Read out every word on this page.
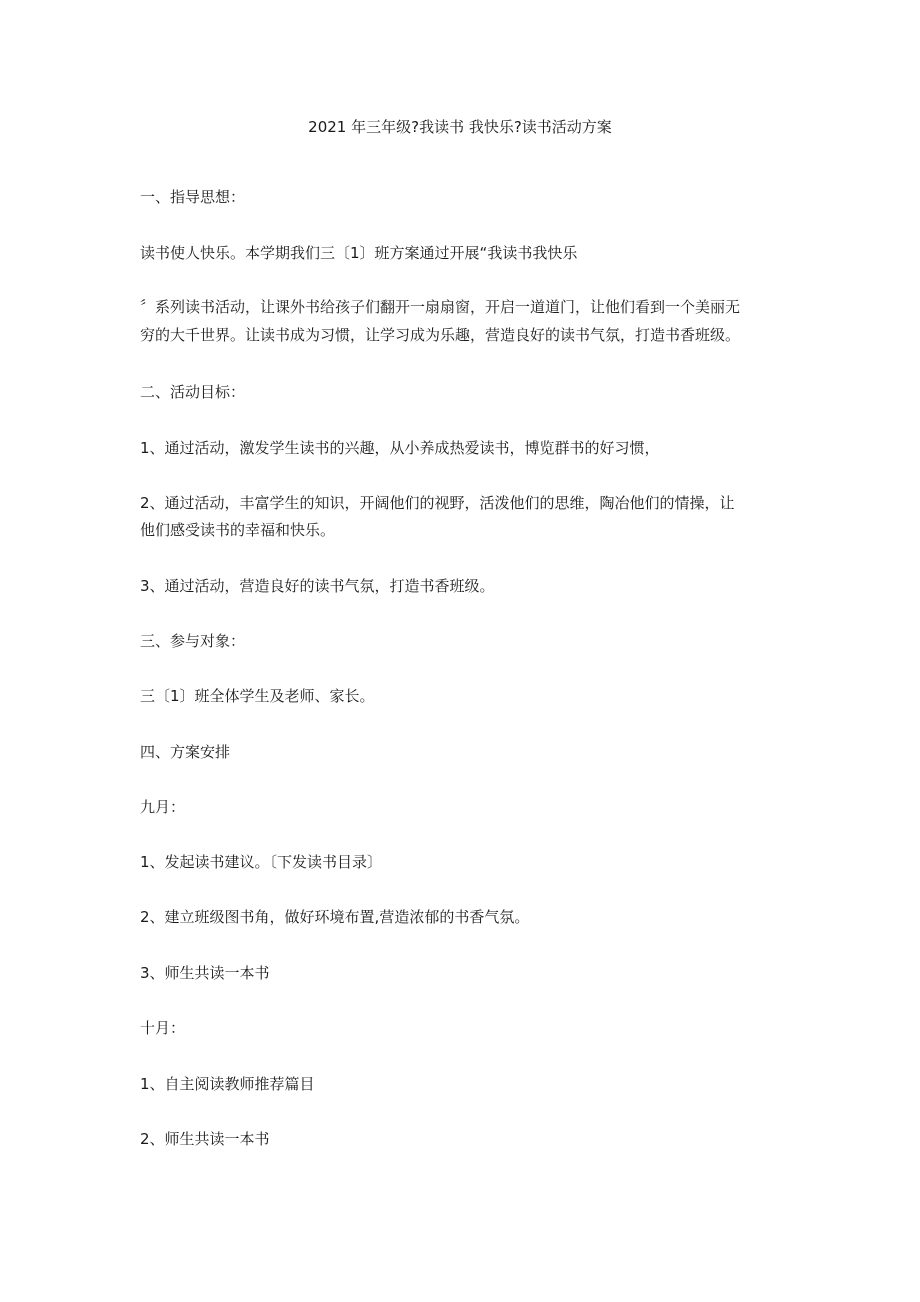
2021 年三年级?我读书 我快乐?读书活动方案
一、指导思想：
读书使人快乐。本学期我们三〔1〕班方案通过开展“我读书我快乐
〞系列读书活动，让课外书给孩子们翻开一扇扇窗，开启一道道门，让他们看到一个美丽无
穷的大千世界。让读书成为习惯，让学习成为乐趣，营造良好的读书气氛，打造书香班级。
二、活动目标：
1、通过活动，激发学生读书的兴趣，从小养成热爱读书，博览群书的好习惯，
2、通过活动，丰富学生的知识，开阔他们的视野，活泼他们的思维，陶冶他们的情操，让
他们感受读书的幸福和快乐。
3、通过活动，营造良好的读书气氛，打造书香班级。
三、参与对象：
三〔1〕班全体学生及老师、家长。
四、方案安排
九月：
1、发起读书建议。〔下发读书目录〕
2、建立班级图书角，做好环境布置,营造浓郁的书香气氛。
3、师生共读一本书
十月：
1、自主阅读教师推荐篇目
2、师生共读一本书
